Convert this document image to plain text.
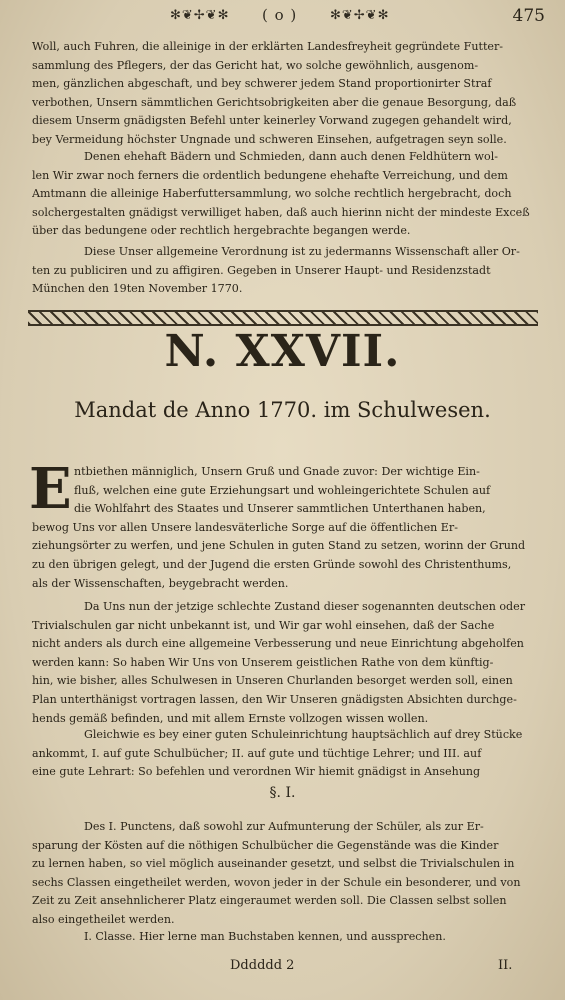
✻❦✢❦✻ ( o )	✻❦✢❦✻	475
Woll, auch Fuhren, die alleinige in der erklärten Landesfreyheit gegründete Futter-
sammlung des Pflegers, der das Gericht hat, wo solche gewöhnlich, ausgenom-
men, gänzlichen abgeschaft, und bey schwerer jedem Stand proportionirter Straf
verbothen, Unsern sämmtlichen Gerichtsobrigkeiten aber die genaue Besorgung, daß
diesem Unserm gnädigsten Befehl unter keinerley Vorwand zugegen gehandelt wird,
bey Vermeidung höchster Ungnade und schweren Einsehen, aufgetragen seyn solle.
Denen ehehaft Bädern und Schmieden, dann auch denen Feldhütern wol-
len Wir zwar noch ferners die ordentlich bedungene ehehafte Verreichung, und dem
Amtmann die alleinige Haberfuttersammlung, wo solche rechtlich hergebracht, doch
solchergestalten gnädigst verwilliget haben, daß auch hierinn nicht der mindeste Exceß
über das bedungene oder rechtlich hergebrachte begangen werde.
Diese Unser allgemeine Verordnung ist zu jedermanns Wissenschaft aller Or-
ten zu publiciren und zu affigiren. Gegeben in Unserer Haupt- und Residenzstadt
München den 19ten November 1770.
N. XXVII.
Mandat de Anno 1770. im Schulwesen.
E ntbiethen männiglich, Unsern Gruß und Gnade zuvor: Der wichtige Ein-
fluß, welchen eine gute Erziehungsart und wohleingerichtete Schulen auf
die Wohlfahrt des Staates und Unserer sammtlichen Unterthanen haben,
bewog Uns vor allen Unsere landesväterliche Sorge auf die öffentlichen Er-
ziehungsörter zu werfen, und jene Schulen in guten Stand zu setzen, worinn der Grund
zu den übrigen gelegt, und der Jugend die ersten Gründe sowohl des Christenthums,
als der Wissenschaften, beygebracht werden.
Da Uns nun der jetzige schlechte Zustand dieser sogenannten deutschen oder
Trivialschulen gar nicht unbekannt ist, und Wir gar wohl einsehen, daß der Sache
nicht anders als durch eine allgemeine Verbesserung und neue Einrichtung abgeholfen
werden kann: So haben Wir Uns von Unserem geistlichen Rathe von dem künftig-
hin, wie bisher, alles Schulwesen in Unseren Churlanden besorget werden soll, einen
Plan unterthänigst vortragen lassen, den Wir Unseren gnädigsten Absichten durchge-
hends gemäß befinden, und mit allem Ernste vollzogen wissen wollen.
Gleichwie es bey einer guten Schuleinrichtung hauptsächlich auf drey Stücke
ankommt, I. auf gute Schulbücher; II. auf gute und tüchtige Lehrer; und III. auf
eine gute Lehrart: So befehlen und verordnen Wir hiemit gnädigst in Ansehung
§. I.
Des I. Punctens, daß sowohl zur Aufmunterung der Schüler, als zur Er-
sparung der Kösten auf die nöthigen Schulbücher die Gegenstände was die Kinder
zu lernen haben, so viel möglich auseinander gesetzt, und selbst die Trivialschulen in
sechs Classen eingetheilet werden, wovon jeder in der Schule ein besonderer, und von
Zeit zu Zeit ansehnlicherer Platz eingeraumet werden soll. Die Classen selbst sollen
also eingetheilet werden.
I. Classe. Hier lerne man Buchstaben kennen, und aussprechen.
Dddddd 2	II.
